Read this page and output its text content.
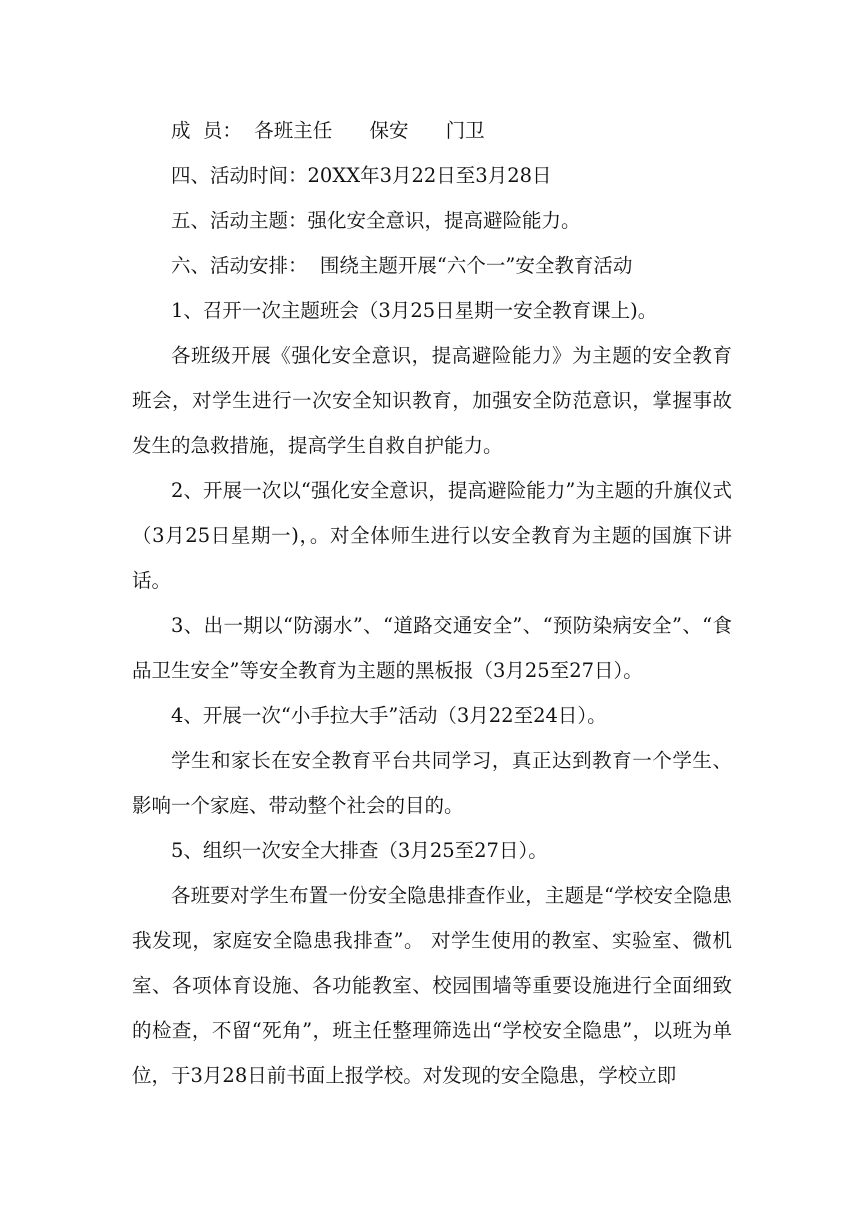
成  员：  各班主任      保安      门卫

四、活动时间：20XX年3月22日至3月28日

五、活动主题：强化安全意识，提高避险能力。

六、活动安排：  围绕主题开展“六个一”安全教育活动

1、召开一次主题班会（3月25日星期一安全教育课上)。

各班级开展《强化安全意识，提高避险能力》为主题的安全教育班会，对学生进行一次安全知识教育，加强安全防范意识，掌握事故发生的急救措施，提高学生自救自护能力。

2、开展一次以“强化安全意识，提高避险能力”为主题的升旗仪式（3月25日星期一)，。对全体师生进行以安全教育为主题的国旗下讲话。

3、出一期以“防溺水”、“道路交通安全”、“预防染病安全”、“食品卫生安全”等安全教育为主题的黑板报（3月25至27日）。

4、开展一次“小手拉大手”活动（3月22至24日）。

学生和家长在安全教育平台共同学习，真正达到教育一个学生、影响一个家庭、带动整个社会的目的。

5、组织一次安全大排查（3月25至27日）。

各班要对学生布置一份安全隐患排查作业，主题是“学校安全隐患我发现，家庭安全隐患我排查”。 对学生使用的教室、实验室、微机室、各项体育设施、各功能教室、校园围墙等重要设施进行全面细致的检查，不留“死角”，班主任整理筛选出“学校安全隐患”，以班为单位，于3月28日前书面上报学校。对发现的安全隐患，学校立即
